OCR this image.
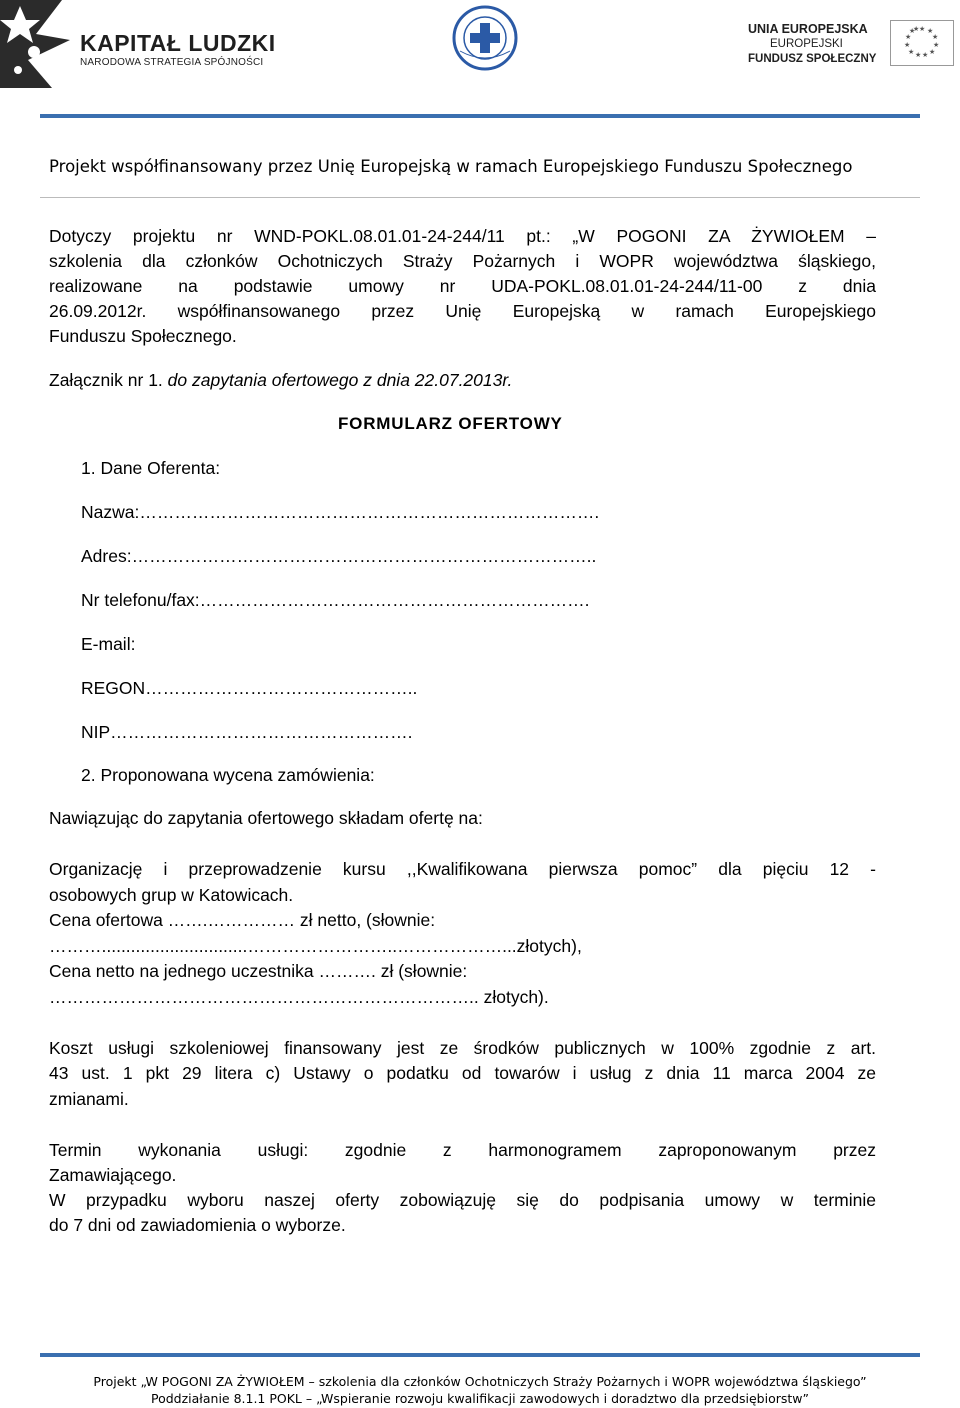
KAPITAŁ LUDZKI
NARODOWA STRATEGIA SPÓJNOŚCI
UNIA EUROPEJSKA
EUROPEJSKI
FUNDUSZ SPOŁECZNY
★ ★
★
★
★
★
★
★
★
★
★
★
Projekt współfinansowany przez Unię Europejską w ramach Europejskiego Funduszu Społecznego
Dotyczy projektu nr WND-POKL.08.01.01-24-244/11 pt.: „W POGONI ZA ŻYWIOŁEM –
szkolenia dla członków Ochotniczych Straży Pożarnych i WOPR województwa śląskiego,
realizowane na podstawie umowy nr UDA-POKL.08.01.01-24-244/11-00 z dnia
26.09.2012r. współfinansowanego przez Unię Europejską w ramach Europejskiego
Funduszu Społecznego.
Załącznik nr 1. do zapytania ofertowego z dnia 22.07.2013r.
FORMULARZ OFERTOWY
1. Dane Oferenta:
Nazwa:…………………………………………………………………….
Adres:……………………………………………………………………..
Nr telefonu/fax:………………………………………………………….
E-mail:
REGON………………………………………..
NIP…………………………………………….
2. Proponowana wycena zamówienia:
Nawiązując do zapytania ofertowego składam ofertę na:
Organizację i przeprowadzenie kursu ,,Kwalifikowana pierwsza pomoc” dla pięciu 12 -
osobowych grup w Katowicach.
Cena ofertowa …….…………… zł netto, (słownie:
………..............................……………………..………………...złotych),
Cena netto na jednego uczestnika ………. zł (słownie:
……………………………………………………………….. złotych).
Koszt usługi szkoleniowej finansowany jest ze środków publicznych w 100% zgodnie z art.
43 ust. 1 pkt 29 litera c) Ustawy o podatku od towarów i usług z dnia 11 marca 2004 ze
zmianami.
Termin wykonania usługi: zgodnie z harmonogramem zaproponowanym przez
Zamawiającego.
W przypadku wyboru naszej oferty zobowiązuję się do podpisania umowy w terminie
do 7 dni od zawiadomienia o wyborze.
Projekt „W POGONI ZA ŻYWIOŁEM – szkolenia dla członków Ochotniczych Straży Pożarnych i WOPR województwa śląskiego”
Poddziałanie 8.1.1 POKL – „Wspieranie rozwoju kwalifikacji zawodowych i doradztwo dla przedsiębiorstw”
